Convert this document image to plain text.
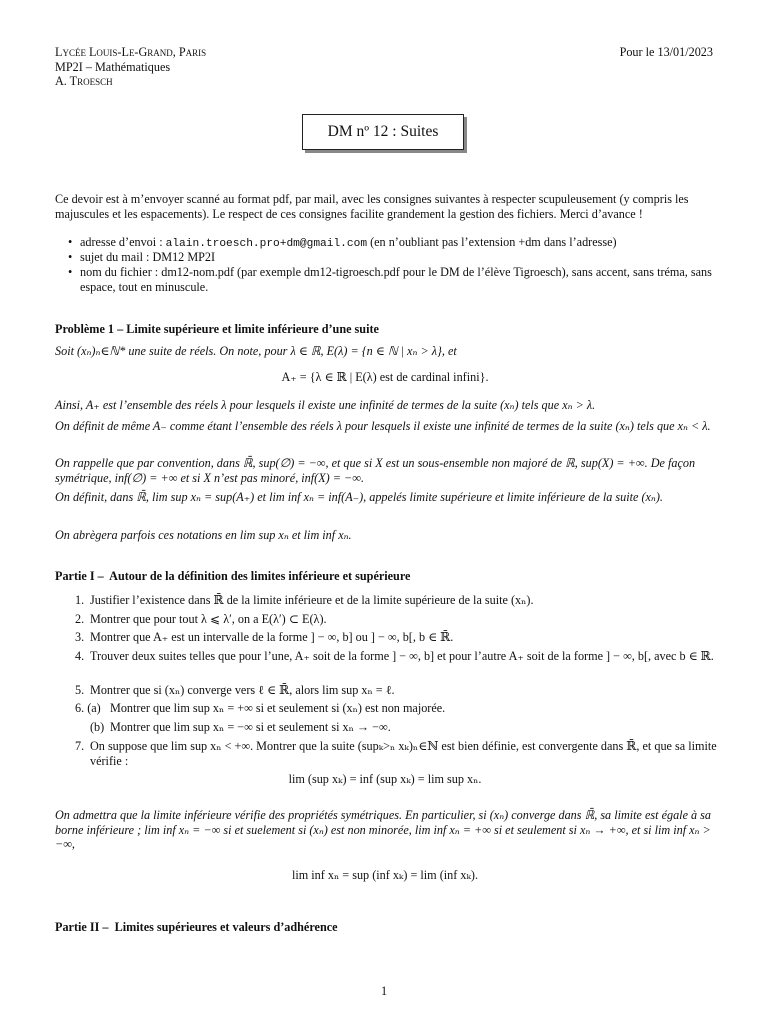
Lycée Louis-Le-Grand, Paris
MP2I – Mathématiques
A. Troesch
Pour le 13/01/2023
DM nº 12 : Suites
Ce devoir est à m’envoyer scanné au format pdf, par mail, avec les consignes suivantes à respecter scupuleusement (y compris les majuscules et les espacements). Le respect de ces consignes facilite grandement la gestion des fichiers. Merci d’avance !
• adresse d’envoi : alain.troesch.pro+dm@gmail.com (en n’oubliant pas l’extension +dm dans l’adresse)
• sujet du mail : DM12 MP2I
• nom du fichier : dm12-nom.pdf (par exemple dm12-tigroesch.pdf pour le DM de l’élève Tigroesch), sans accent, sans tréma, sans espace, tout en minuscule.
Problème 1 – Limite supérieure et limite inférieure d’une suite
Soit (xₙ)ₙ∈ℕ* une suite de réels. On note, pour λ ∈ ℝ, E(λ) = {n ∈ ℕ | xₙ > λ}, et
A₊ = {λ ∈ ℝ | E(λ) est de cardinal infini}.
Ainsi, A₊ est l’ensemble des réels λ pour lesquels il existe une infinité de termes de la suite (xₙ) tels que xₙ > λ.
On définit de même A₋ comme étant l’ensemble des réels λ pour lesquels il existe une infinité de termes de la suite (xₙ) tels que xₙ < λ.
On rappelle que par convention, dans ℝ̄, sup(∅) = −∞, et que si X est un sous-ensemble non majoré de ℝ, sup(X) = +∞. De façon symétrique, inf(∅) = +∞ et si X n’est pas minoré, inf(X) = −∞.
On définit, dans ℝ̄, lim sup xₙ = sup(A₊) et lim inf xₙ = inf(A₋), appelés limite supérieure et limite inférieure de la suite (xₙ).
On abrègera parfois ces notations en lim sup xₙ et lim inf xₙ.
Partie I – Autour de la définition des limites inférieure et supérieure
1. Justifier l’existence dans ℝ̄ de la limite inférieure et de la limite supérieure de la suite (xₙ).
2. Montrer que pour tout λ ⩽ λ′, on a E(λ′) ⊂ E(λ).
3. Montrer que A₊ est un intervalle de la forme ] − ∞, b] ou ] − ∞, b[, b ∈ ℝ̄.
4. Trouver deux suites telles que pour l’une, A₊ soit de la forme ] − ∞, b] et pour l’autre A₊ soit de la forme ] − ∞, b[, avec b ∈ ℝ.
5. Montrer que si (xₙ) converge vers ℓ ∈ ℝ̄, alors lim sup xₙ = ℓ.
6. (a) Montrer que lim sup xₙ = +∞ si et seulement si (xₙ) est non majorée.
(b) Montrer que lim sup xₙ = −∞ si et seulement si xₙ → −∞.
7. On suppose que lim sup xₙ < +∞. Montrer que la suite (supₖ>ₙ xₖ)ₙ∈ℕ est bien définie, est convergente dans ℝ̄, et que sa limite vérifie :
lim (sup xₖ) = inf (sup xₖ) = lim sup xₙ.
On admettra que la limite inférieure vérifie des propriétés symétriques. En particulier, si (xₙ) converge dans ℝ̄, sa limite est égale à sa borne inférieure ; lim inf xₙ = −∞ si et suelement si (xₙ) est non minorée, lim inf xₙ = +∞ si et seulement si xₙ → +∞, et si lim inf xₙ > −∞,
lim inf xₙ = sup (inf xₖ) = lim (inf xₖ).
Partie II – Limites supérieures et valeurs d’adhérence
1
